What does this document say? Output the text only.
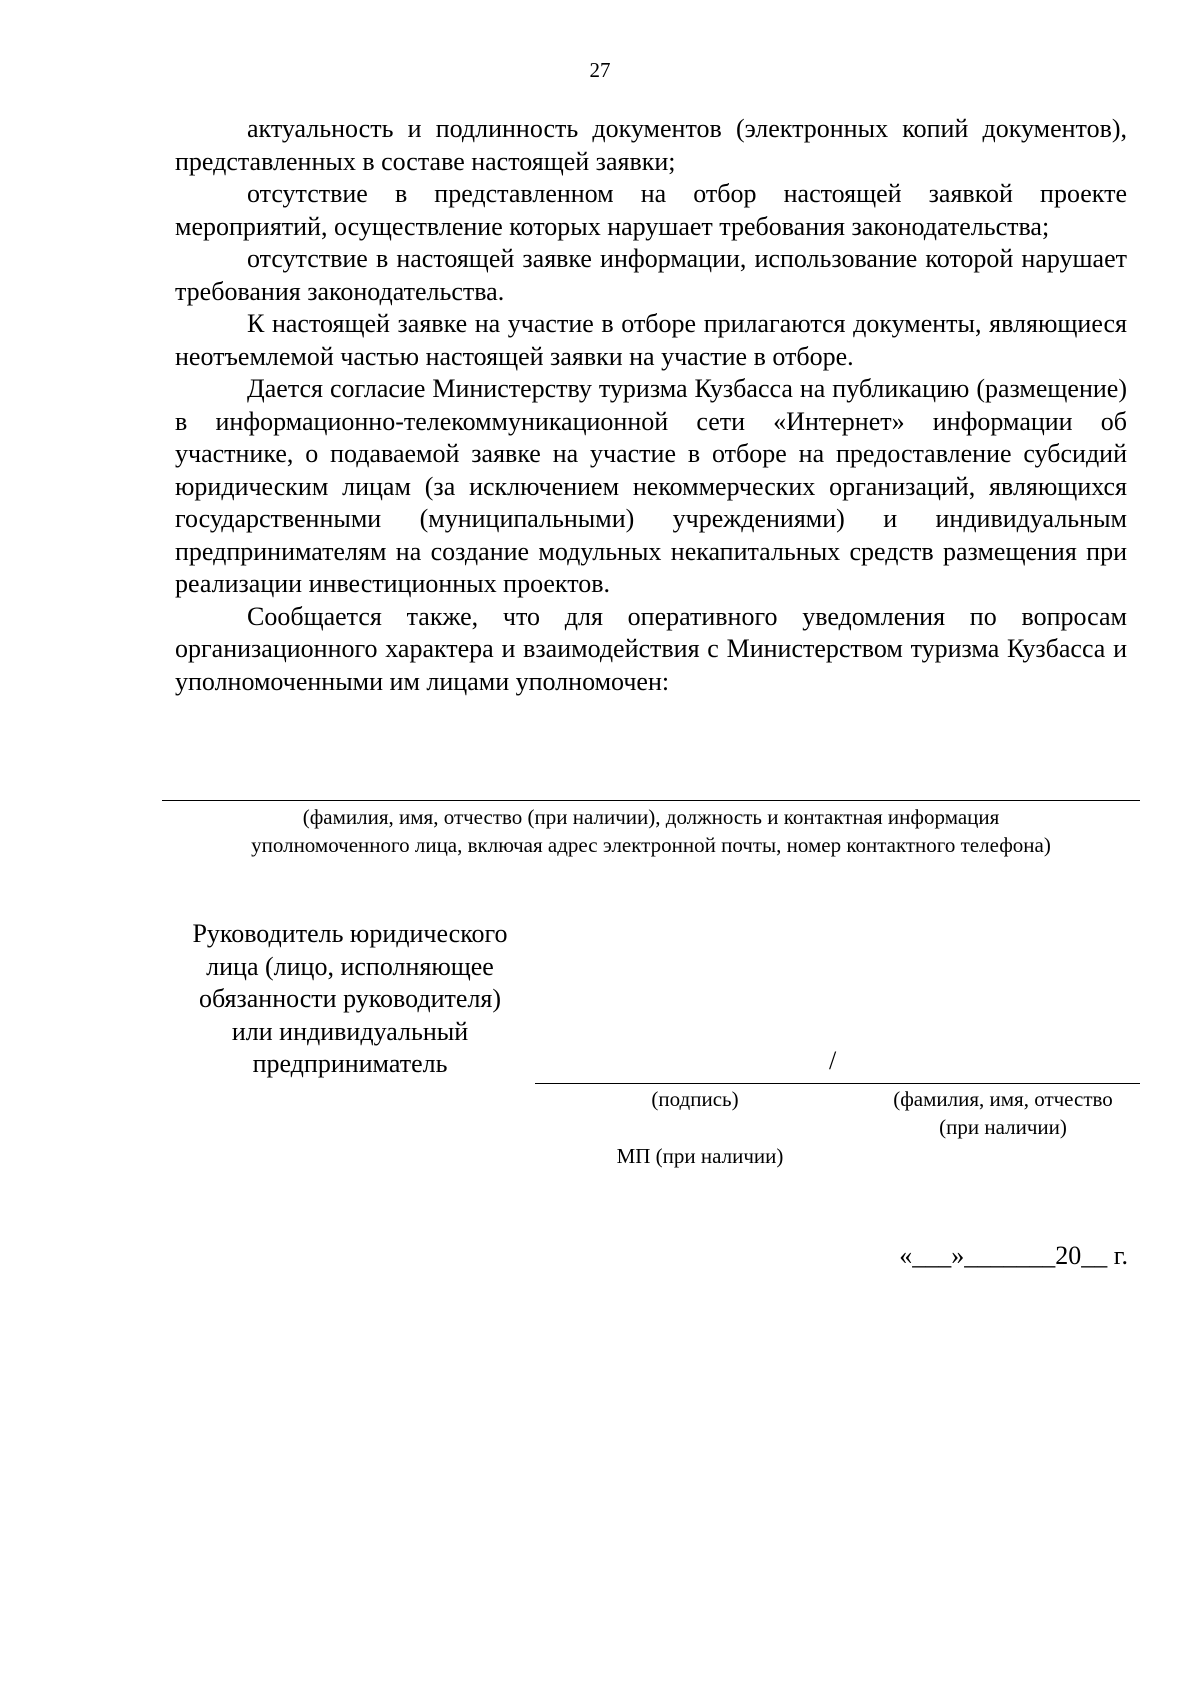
27

актуальность и подлинность документов (электронных копий документов), представленных в составе настоящей заявки;

отсутствие в представленном на отбор настоящей заявкой проекте мероприятий, осуществление которых нарушает требования законодательства;

отсутствие в настоящей заявке информации, использование которой нарушает требования законодательства.

К настоящей заявке на участие в отборе прилагаются документы, являющиеся неотъемлемой частью настоящей заявки на участие в отборе.

Дается согласие Министерству туризма Кузбасса на публикацию (размещение) в информационно-телекоммуникационной сети «Интернет» информации об участнике, о подаваемой заявке на участие в отборе на предоставление субсидий юридическим лицам (за исключением некоммерческих организаций, являющихся государственными (муниципальными) учреждениями) и индивидуальным предпринимателям на создание модульных некапитальных средств размещения при реализации инвестиционных проектов.

Сообщается также, что для оперативного уведомления по вопросам организационного характера и взаимодействия с Министерством туризма Кузбасса и уполномоченными им лицами уполномочен:

(фамилия, имя, отчество (при наличии), должность и контактная информация
уполномоченного лица, включая адрес электронной почты, номер контактного телефона)
Руководитель юридического
лица (лицо, исполняющее
обязанности руководителя)
или индивидуальный
предприниматель	/
(подпись)	(фамилия, имя, отчество
(при наличии)
МП (при наличии)
«___»_______20__ г.
